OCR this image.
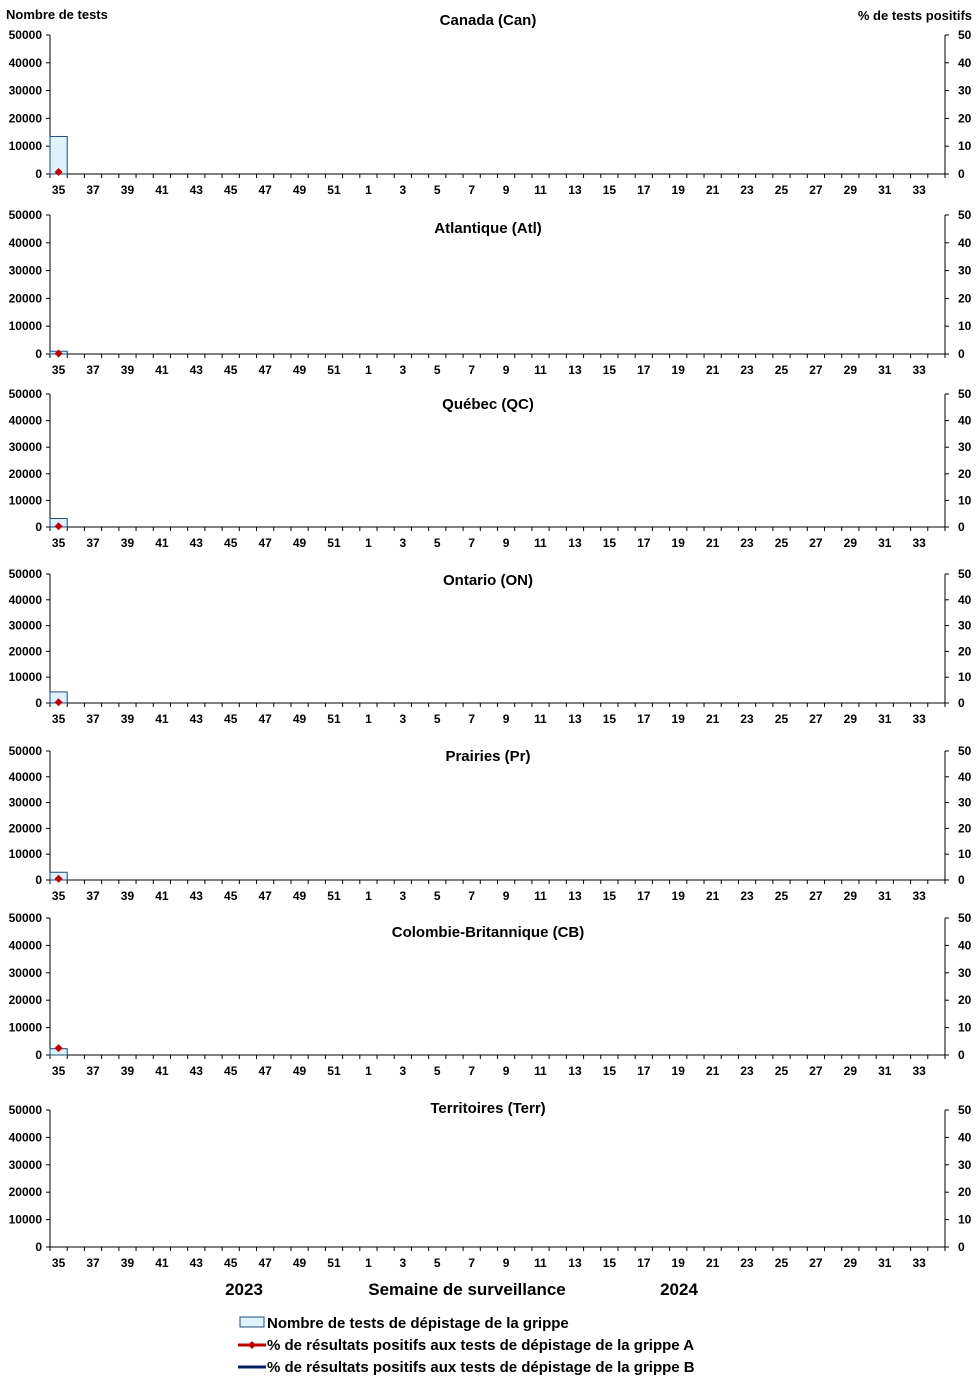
Nombre de tests	% de tests positifs
Canada (Can)
0
10000
20000
30000
40000
50000
0
10
20
30
40
50
35 37 39 41 43 45 47 49 51 1 3 5 7 9 11 13 15 17 19 21 23 25 27 29 31 33
Atlantique (Atl)
0
10000
20000
30000
40000
50000
0
10
20
30
40
50
35 37 39 41 43 45 47 49 51 1 3 5 7 9 11 13 15 17 19 21 23 25 27 29 31 33
Québec (QC)
0
10000
20000
30000
40000
50000
0
10
20
30
40
50
35 37 39 41 43 45 47 49 51 1 3 5 7 9 11 13 15 17 19 21 23 25 27 29 31 33
Ontario (ON)
0
10000
20000
30000
40000
50000
0
10
20
30
40
50
35 37 39 41 43 45 47 49 51 1 3 5 7 9 11 13 15 17 19 21 23 25 27 29 31 33
Prairies (Pr)
0
10000
20000
30000
40000
50000
0
10
20
30
40
50
35 37 39 41 43 45 47 49 51 1 3 5 7 9 11 13 15 17 19 21 23 25 27 29 31 33
Colombie-Britannique (CB)
0
10000
20000
30000
40000
50000
0
10
20
30
40
50
35 37 39 41 43 45 47 49 51 1 3 5 7 9 11 13 15 17 19 21 23 25 27 29 31 33
Territoires (Terr)
0
10000
20000
30000
40000
50000
0
10
20
30
40
50
35 37 39 41 43 45 47 49 51 1 3 5 7 9 11 13 15 17 19 21 23 25 27 29 31 33
2023	Semaine de surveillance	2024
Nombre de tests de dépistage de la grippe
% de résultats positifs aux tests de dépistage de la grippe A
% de résultats positifs aux tests de dépistage de la grippe B
